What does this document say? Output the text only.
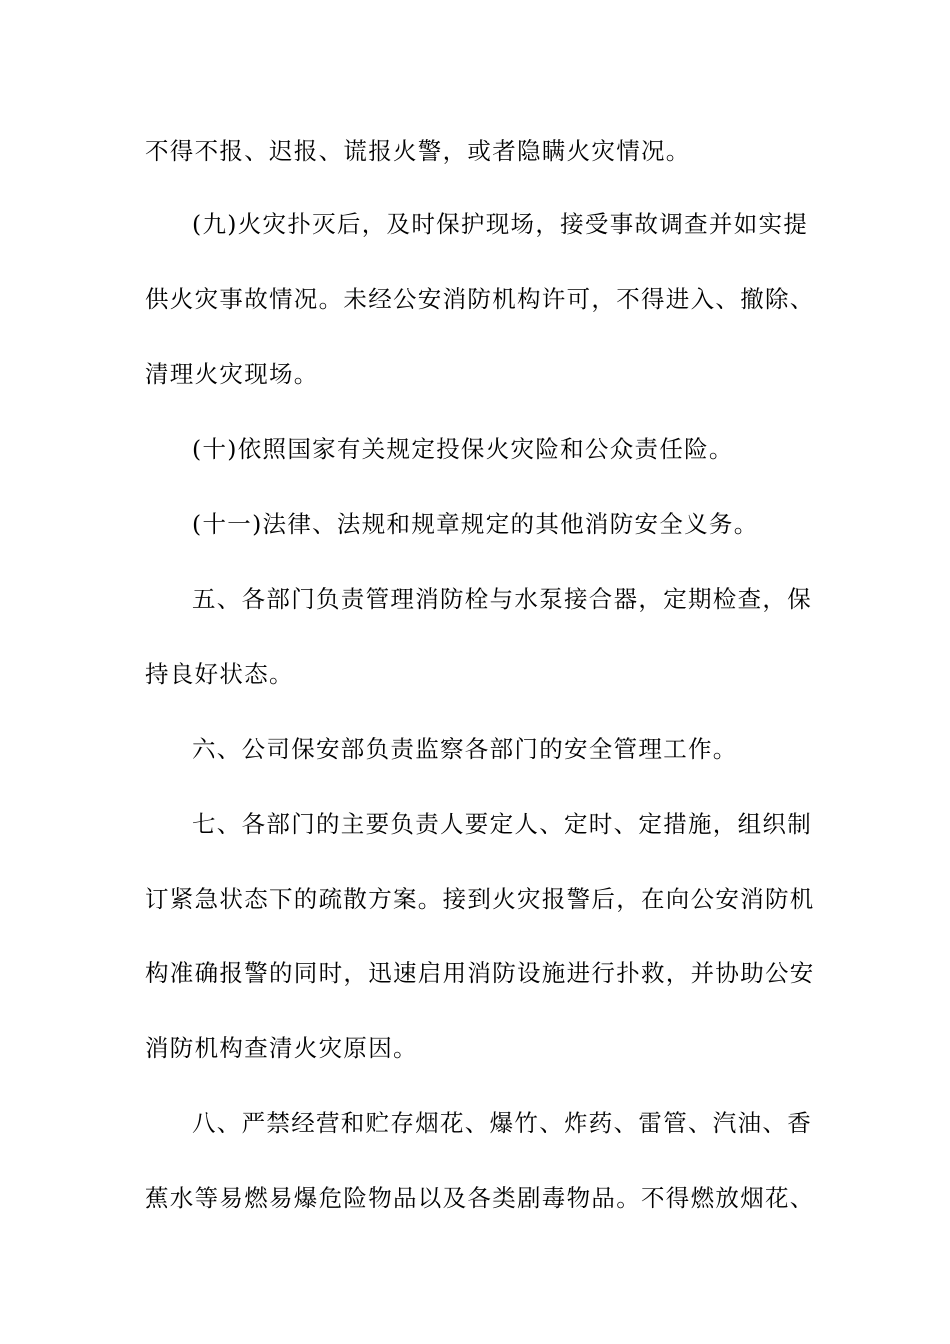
不得不报、迟报、谎报火警，或者隐瞒火灾情况。
(九)火灾扑灭后，及时保护现场，接受事故调查并如实提
供火灾事故情况。未经公安消防机构许可，不得进入、撤除、
清理火灾现场。
(十)依照国家有关规定投保火灾险和公众责任险。
(十一)法律、法规和规章规定的其他消防安全义务。
五、各部门负责管理消防栓与水泵接合器，定期检查，保
持良好状态。
六、公司保安部负责监察各部门的安全管理工作。
七、各部门的主要负责人要定人、定时、定措施，组织制
订紧急状态下的疏散方案。接到火灾报警后，在向公安消防机
构准确报警的同时，迅速启用消防设施进行扑救，并协助公安
消防机构查清火灾原因。
八、严禁经营和贮存烟花、爆竹、炸药、雷管、汽油、香
蕉水等易燃易爆危险物品以及各类剧毒物品。不得燃放烟花、
